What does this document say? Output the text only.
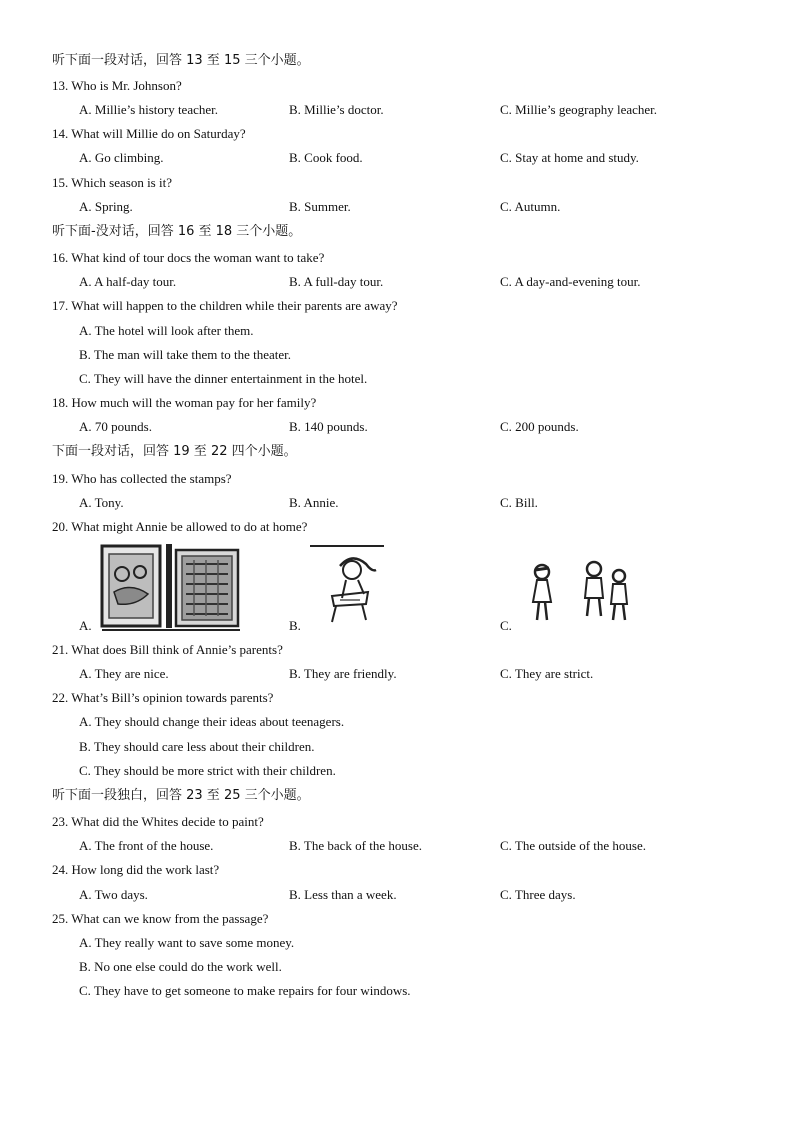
听下面一段对话，回答 13 至 15 三个小题。
13. Who is Mr. Johnson?
A. Millie’s history teacher.	B. Millie’s doctor.	C. Millie’s geography leacher.
14. What will Millie do on Saturday?
A. Go climbing.	B. Cook food.	C. Stay at home and study.
15. Which season is it?
A. Spring.	B. Summer.	C. Autumn.
听下面-没对话，回答 16 至 18 三个小题。
16. What kind of tour docs the woman want to take?
A. A half-day tour.	B. A full-day tour.	C. A day-and-evening tour.
17. What will happen to the children while their parents are away?
A. The hotel will look after them.
B. The man will take them to the theater.
C. They will have the dinner entertainment in the hotel.
18. How much will the woman pay for her family?
A. 70 pounds.	B. 140 pounds.	C. 200 pounds.
下面一段对话，回答 19 至 22 四个小题。
19. Who has collected the stamps?
A. Tony.	B. Annie.	C. Bill.
20. What might Annie be allowed to do at home?
A.	B.	C.
21. What does Bill think of Annie’s parents?
A. They are nice.	B. They are friendly.	C. They are strict.
22. What’s Bill’s opinion towards parents?
A. They should change their ideas about teenagers.
B. They should care less about their children.
C. They should be more strict with their children.
听下面一段独白，回答 23 至 25 三个小题。
23. What did the Whites decide to paint?
A. The front of the house.	B. The back of the house.	C. The outside of the house.
24. How long did the work last?
A. Two days.	B. Less than a week.	C. Three days.
25. What can we know from the passage?
A. They really want to save some money.
B. No one else could do the work well.
C. They have to get someone to make repairs for four windows.
